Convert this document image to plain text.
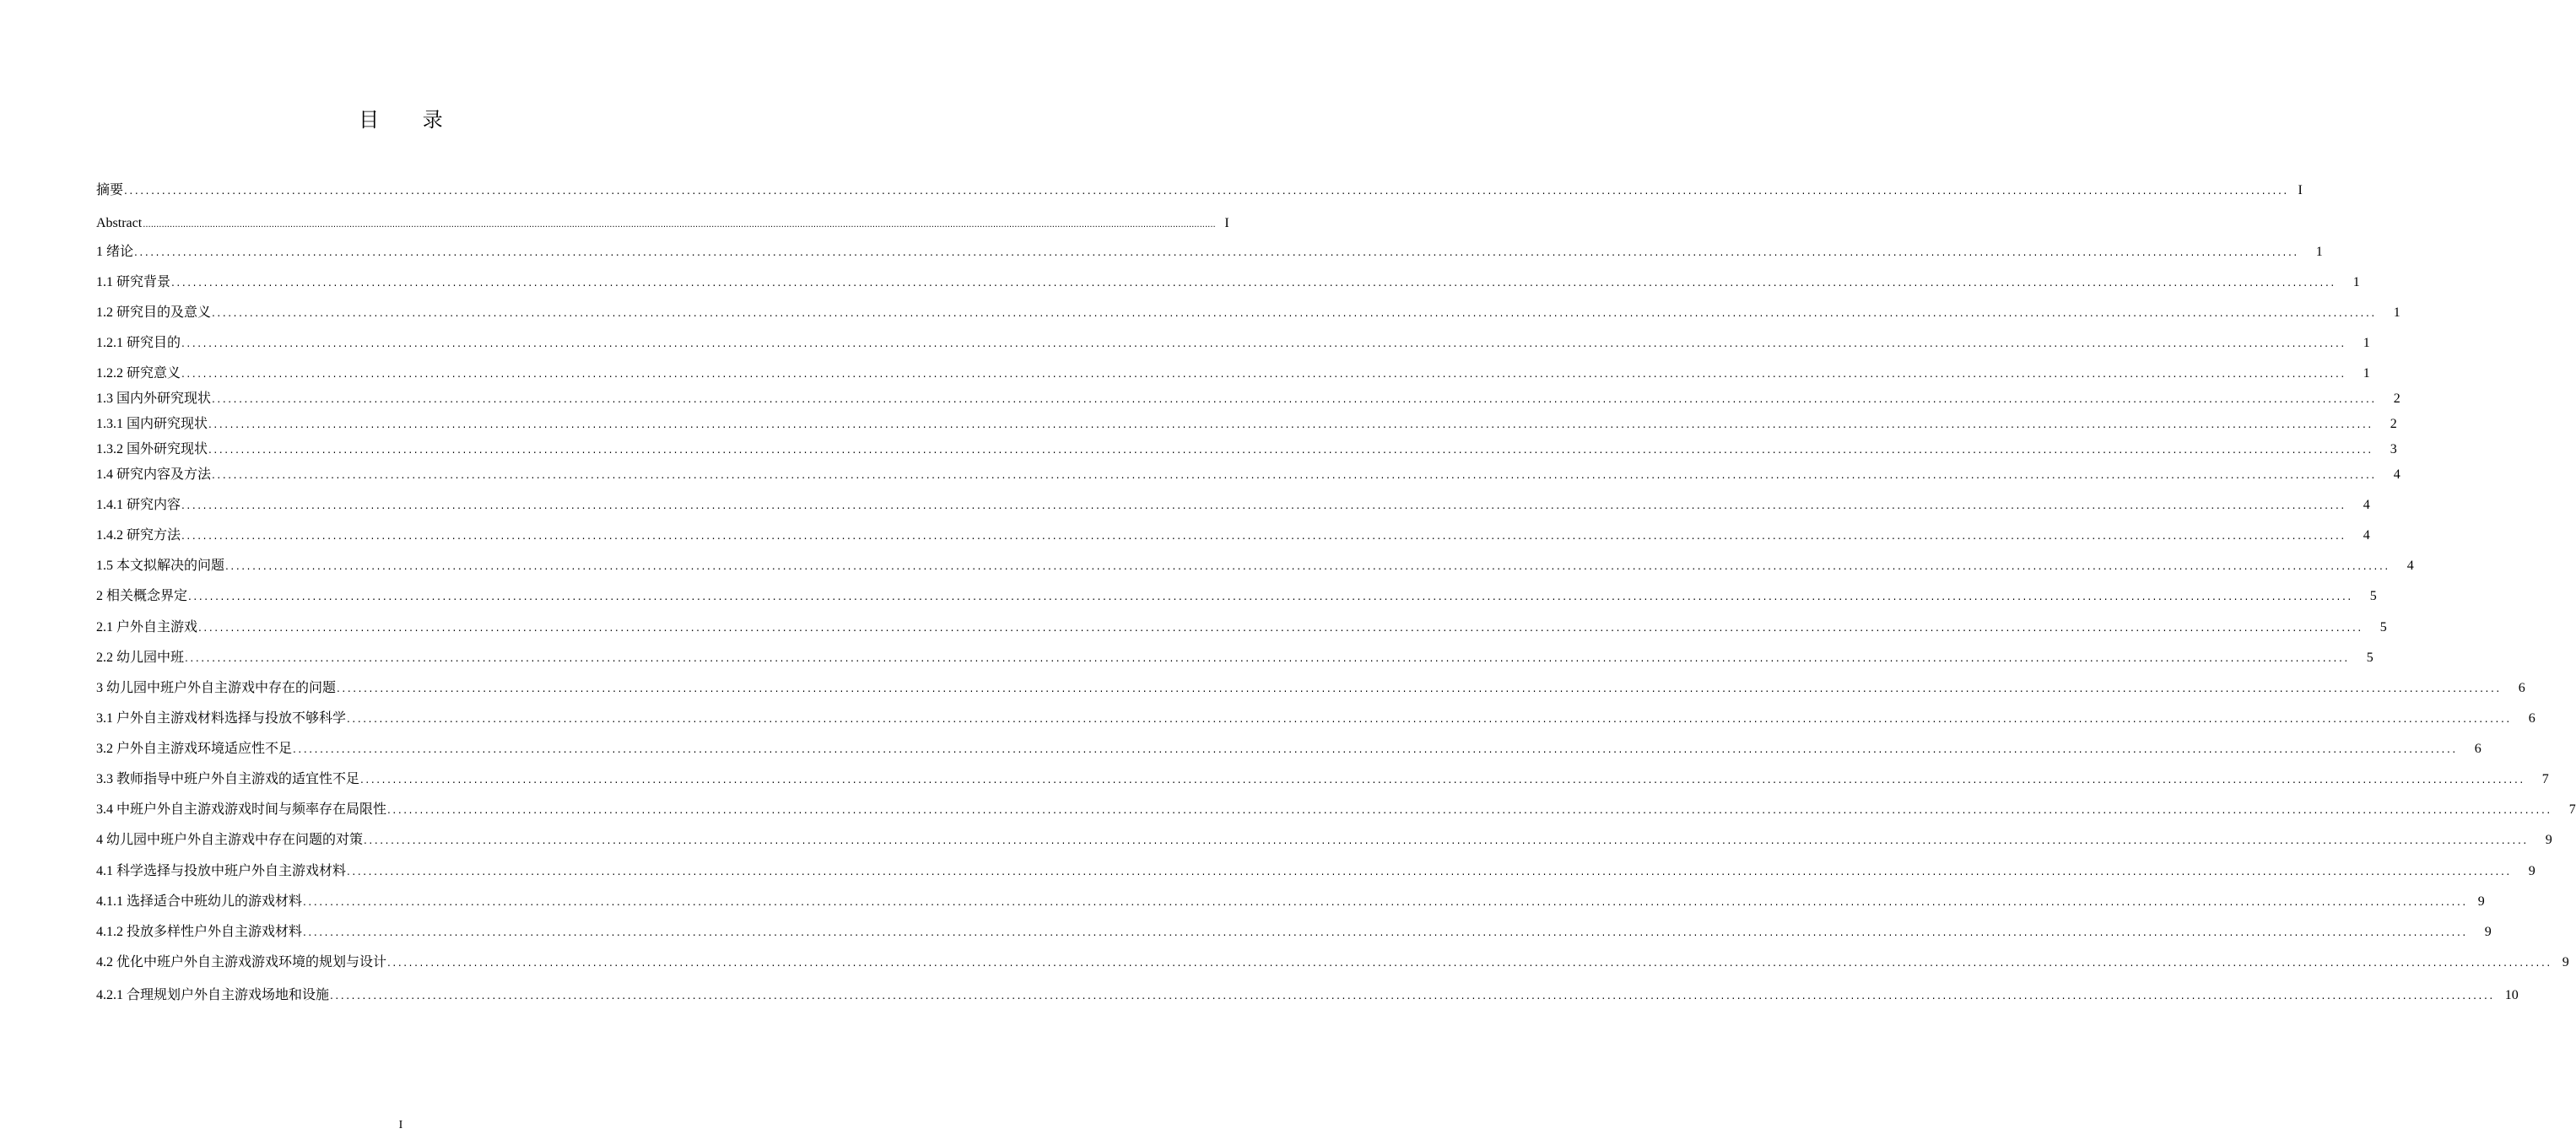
目 录
摘要 ................................................................................................................................................................................................................................................................................................................................................................................................................ I
Abstract ................................................................................................................................................................................................................................................................................................................................................................................................................ I
1 绪论 ................................................................................................................................................................................................................................................................................................................................................................................................................	1
1.1 研究背景 ................................................................................................................................................................................................................................................................................................................................................................................................................	1
1.2 研究目的及意义 ................................................................................................................................................................................................................................................................................................................................................................................................................	1
1.2.1 研究目的 ................................................................................................................................................................................................................................................................................................................................................................................................................	1
1.2.2 研究意义 ................................................................................................................................................................................................................................................................................................................................................................................................................	1
1.3 国内外研究现状 ................................................................................................................................................................................................................................................................................................................................................................................................................	2
1.3.1 国内研究现状 ................................................................................................................................................................................................................................................................................................................................................................................................................	2
1.3.2 国外研究现状 ................................................................................................................................................................................................................................................................................................................................................................................................................	3
1.4 研究内容及方法 ................................................................................................................................................................................................................................................................................................................................................................................................................	4
1.4.1 研究内容 ................................................................................................................................................................................................................................................................................................................................................................................................................	4
1.4.2 研究方法 ................................................................................................................................................................................................................................................................................................................................................................................................................	4
1.5 本文拟解决的问题 ................................................................................................................................................................................................................................................................................................................................................................................................................	4
2 相关概念界定 ................................................................................................................................................................................................................................................................................................................................................................................................................	5
2.1 户外自主游戏 ................................................................................................................................................................................................................................................................................................................................................................................................................	5
2.2 幼儿园中班 ................................................................................................................................................................................................................................................................................................................................................................................................................	5
3 幼儿园中班户外自主游戏中存在的问题 ................................................................................................................................................................................................................................................................................................................................................................................................................	6
3.1 户外自主游戏材料选择与投放不够科学 ................................................................................................................................................................................................................................................................................................................................................................................................................	6
3.2 户外自主游戏环境适应性不足 ................................................................................................................................................................................................................................................................................................................................................................................................................	6
3.3 教师指导中班户外自主游戏的适宜性不足 ................................................................................................................................................................................................................................................................................................................................................................................................................	7
3.4 中班户外自主游戏游戏时间与频率存在局限性 ................................................................................................................................................................................................................................................................................................................................................................................................................	7
4 幼儿园中班户外自主游戏中存在问题的对策 ................................................................................................................................................................................................................................................................................................................................................................................................................	9
4.1 科学选择与投放中班户外自主游戏材料 ................................................................................................................................................................................................................................................................................................................................................................................................................	9
4.1.1 选择适合中班幼儿的游戏材料 ................................................................................................................................................................................................................................................................................................................................................................................................................ 9
4.1.2 投放多样性户外自主游戏材料 ................................................................................................................................................................................................................................................................................................................................................................................................................	9
4.2 优化中班户外自主游戏游戏环境的规划与设计 ................................................................................................................................................................................................................................................................................................................................................................................................................ 9
4.2.1 合理规划户外自主游戏场地和设施 ................................................................................................................................................................................................................................................................................................................................................................................................................ 10
I
